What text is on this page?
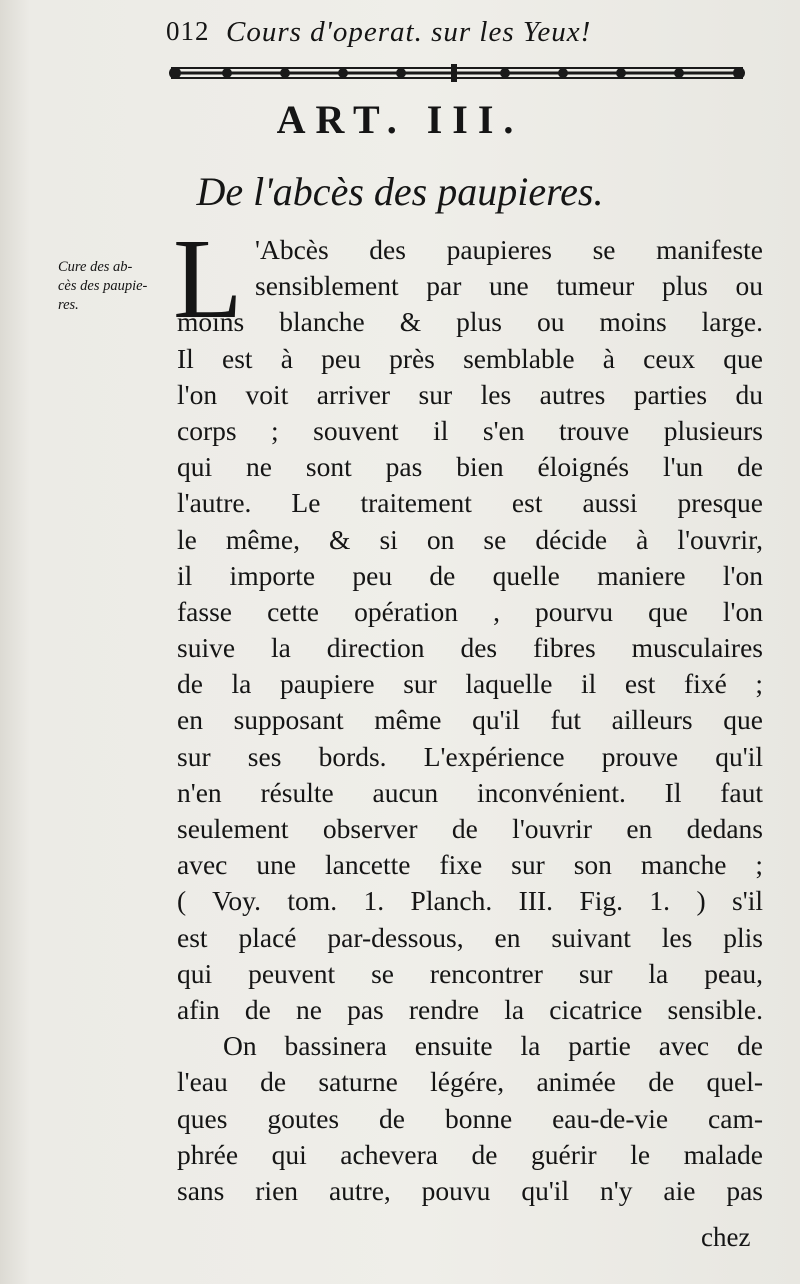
012 Cours d'operat. sur les Yeux!
ART. III.
De l'abcès des paupieres.
Cure des ab-
cès des paupie-
res. L 'Abcès des paupieres se manifeste
sensiblement par une tumeur plus ou
moins blanche & plus ou moins large.
Il est à peu près semblable à ceux que
l'on voit arriver sur les autres parties du
corps ; souvent il s'en trouve plusieurs
qui ne sont pas bien éloignés l'un de
l'autre. Le traitement est aussi presque
le même, & si on se décide à l'ouvrir,
il importe peu de quelle maniere l'on
fasse cette opération , pourvu que l'on
suive la direction des fibres musculaires
de la paupiere sur laquelle il est fixé ;
en supposant même qu'il fut ailleurs que
sur ses bords. L'expérience prouve qu'il
n'en résulte aucun inconvénient. Il faut
seulement observer de l'ouvrir en dedans
avec une lancette fixe sur son manche ;
( Voy. tom. 1. Planch. III. Fig. 1. ) s'il
est placé par-dessous, en suivant les plis
qui peuvent se rencontrer sur la peau,
afin de ne pas rendre la cicatrice sensible.
On bassinera ensuite la partie avec de
l'eau de saturne légére, animée de quel-
ques goutes de bonne eau-de-vie cam-
phrée qui achevera de guérir le malade
sans rien autre, pouvu qu'il n'y aie pas
chez
